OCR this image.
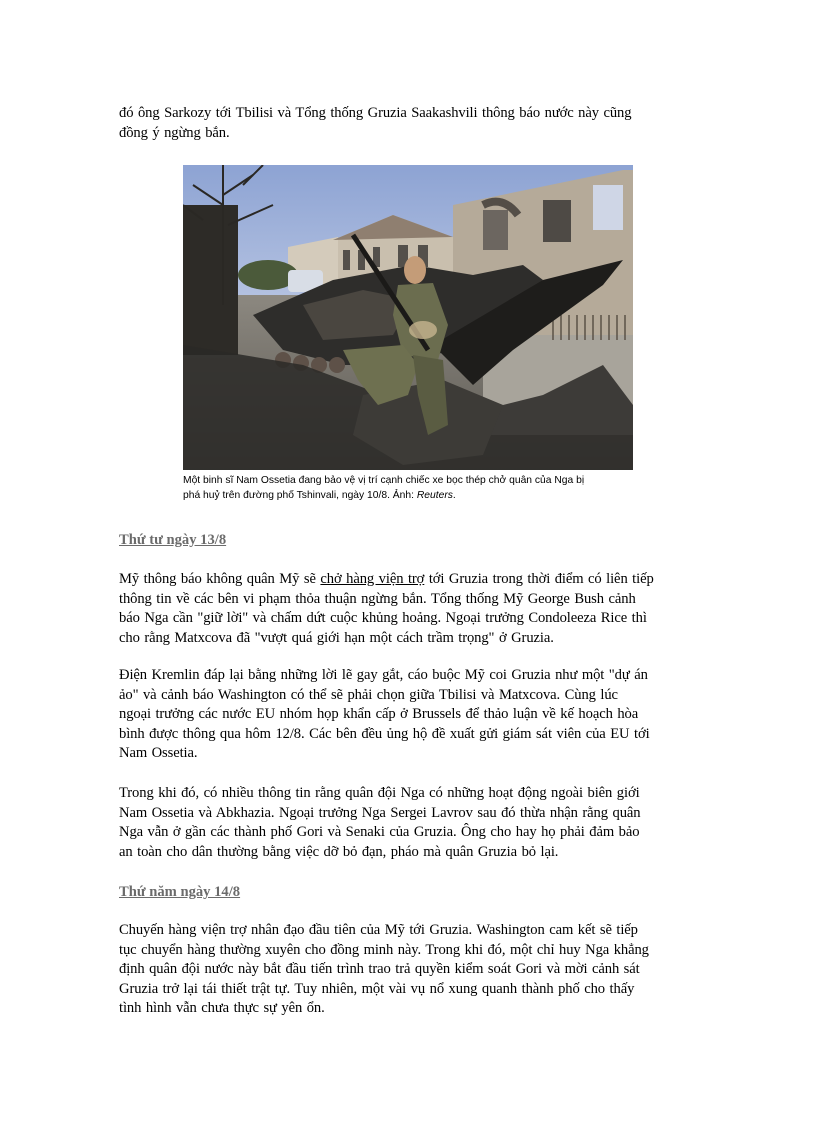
đó ông Sarkozy tới Tbilisi và Tổng thống Gruzia Saakashvili thông báo nước này cũng
đồng ý ngừng bắn.
Một binh sĩ Nam Ossetia đang bảo vệ vị trí cạnh chiếc xe bọc thép chở quân của Nga bị
phá huỷ trên đường phố Tshinvali, ngày 10/8. Ảnh: Reuters.
Thứ tư ngày 13/8
Mỹ thông báo không quân Mỹ sẽ chở hàng viện trợ tới Gruzia trong thời điểm có liên tiếp
thông tin về các bên vi phạm thỏa thuận ngừng bắn. Tổng thống Mỹ George Bush cảnh
báo Nga cần "giữ lời" và chấm dứt cuộc khủng hoảng. Ngoại trưởng Condoleeza Rice thì
cho rằng Matxcova đã "vượt quá giới hạn một cách trầm trọng" ở Gruzia.
Điện Kremlin đáp lại bằng những lời lẽ gay gắt, cáo buộc Mỹ coi Gruzia như một "dự án
ảo" và cảnh báo Washington có thể sẽ phải chọn giữa Tbilisi và Matxcova. Cùng lúc
ngoại trưởng các nước EU nhóm họp khẩn cấp ở Brussels để thảo luận về kế hoạch hòa
bình được thông qua hôm 12/8. Các bên đều ủng hộ đề xuất gửi giám sát viên của EU tới
Nam Ossetia.
Trong khi đó, có nhiều thông tin rằng quân đội Nga có những hoạt động ngoài biên giới
Nam Ossetia và Abkhazia. Ngoại trưởng Nga Sergei Lavrov sau đó thừa nhận rằng quân
Nga vẫn ở gần các thành phố Gori và Senaki của Gruzia. Ông cho hay họ phải đảm bảo
an toàn cho dân thường bằng việc dỡ bỏ đạn, pháo mà quân Gruzia bỏ lại.
Thứ năm ngày 14/8
Chuyến hàng viện trợ nhân đạo đầu tiên của Mỹ tới Gruzia. Washington cam kết sẽ tiếp
tục chuyển hàng thường xuyên cho đồng minh này. Trong khi đó, một chỉ huy Nga khẳng
định quân đội nước này bắt đầu tiến trình trao trả quyền kiểm soát Gori và mời cảnh sát
Gruzia trở lại tái thiết trật tự. Tuy nhiên, một vài vụ nổ xung quanh thành phố cho thấy
tình hình vẫn chưa thực sự yên ổn.
